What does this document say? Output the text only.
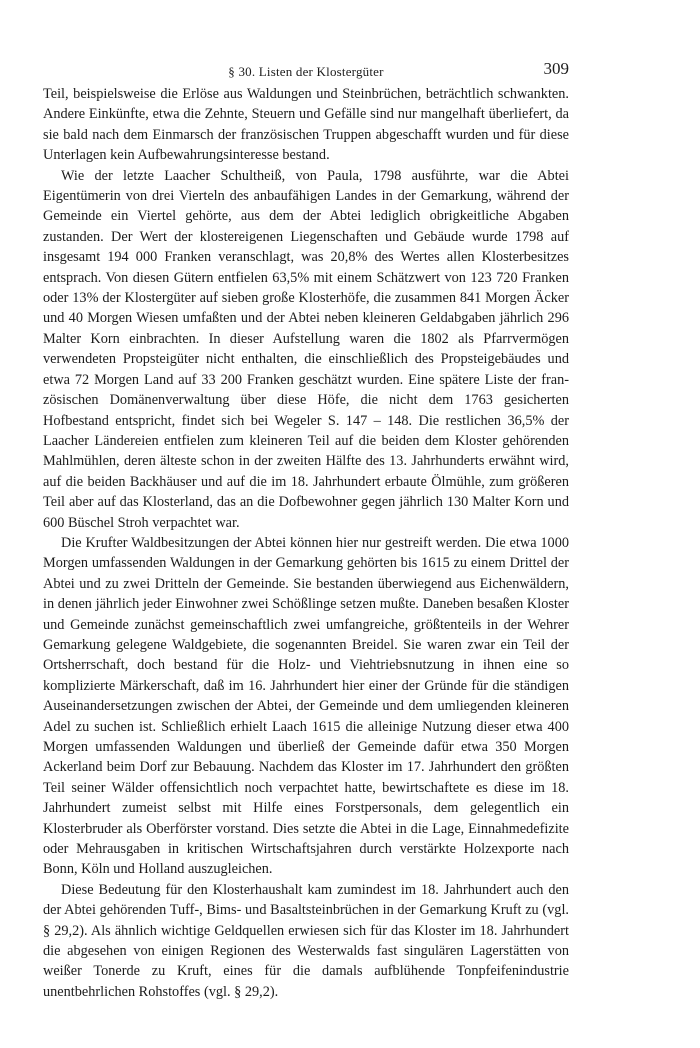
§ 30. Listen der Klostergüter	309

Teil, beispielsweise die Erlöse aus Waldungen und Steinbrüchen, beträchtlich schwankten. Andere Einkünfte, etwa die Zehnte, Steuern und Gefälle sind nur mangelhaft überliefert, da sie bald nach dem Einmarsch der französischen Truppen abgeschafft wurden und für diese Unterlagen kein Aufbewahrungsinteresse bestand.

Wie der letzte Laacher Schultheiß, von Paula, 1798 ausführte, war die Abtei Eigentümerin von drei Vierteln des anbaufähigen Landes in der Gemarkung, während der Gemeinde ein Viertel gehörte, aus dem der Abtei lediglich obrigkeitliche Abgaben zustanden. Der Wert der klostereigenen Liegenschaften und Gebäude wurde 1798 auf insgesamt 194 000 Franken veranschlagt, was 20,8% des Wertes allen Klosterbesitzes entsprach. Von diesen Gütern entfielen 63,5% mit einem Schätzwert von 123 720 Franken oder 13% der Klostergüter auf sieben große Klosterhöfe, die zusammen 841 Morgen Äcker und 40 Morgen Wiesen umfaßten und der Abtei neben kleineren Geldabgaben jährlich 296 Malter Korn einbrachten. In dieser Aufstellung waren die 1802 als Pfarrvermögen verwendeten Propsteigüter nicht enthalten, die einschließlich des Propsteigebäudes und etwa 72 Morgen Land auf 33 200 Franken geschätzt wurden. Eine spätere Liste der französischen Domänenverwaltung über diese Höfe, die nicht dem 1763 gesicherten Hofbestand entspricht, findet sich bei Wegeler S. 147 – 148. Die restlichen 36,5% der Laacher Ländereien entfielen zum kleineren Teil auf die beiden dem Kloster gehörenden Mahlmühlen, deren älteste schon in der zweiten Hälfte des 13. Jahrhunderts erwähnt wird, auf die beiden Backhäuser und auf die im 18. Jahrhundert erbaute Ölmühle, zum größeren Teil aber auf das Klosterland, das an die Dofbewohner gegen jährlich 130 Malter Korn und 600 Büschel Stroh verpachtet war.

Die Krufter Waldbesitzungen der Abtei können hier nur gestreift werden. Die etwa 1000 Morgen umfassenden Waldungen in der Gemarkung gehörten bis 1615 zu einem Drittel der Abtei und zu zwei Dritteln der Gemeinde. Sie bestanden überwiegend aus Eichenwäldern, in denen jährlich jeder Einwohner zwei Schößlinge setzen mußte. Daneben besaßen Kloster und Gemeinde zunächst gemeinschaftlich zwei umfangreiche, größtenteils in der Wehrer Gemarkung gelegene Waldgebiete, die sogenannten Breidel. Sie waren zwar ein Teil der Ortsherrschaft, doch bestand für die Holz- und Viehtriebsnutzung in ihnen eine so komplizierte Märkerschaft, daß im 16. Jahrhundert hier einer der Gründe für die ständigen Auseinandersetzungen zwischen der Abtei, der Gemeinde und dem umliegenden kleineren Adel zu suchen ist. Schließlich erhielt Laach 1615 die alleinige Nutzung dieser etwa 400 Morgen umfassenden Waldungen und überließ der Gemeinde dafür etwa 350 Morgen Ackerland beim Dorf zur Bebauung. Nachdem das Kloster im 17. Jahrhundert den größten Teil seiner Wälder offensichtlich noch verpachtet hatte, bewirtschaftete es diese im 18. Jahrhundert zumeist selbst mit Hilfe eines Forstpersonals, dem gelegentlich ein Klosterbruder als Oberförster vorstand. Dies setzte die Abtei in die Lage, Einnahmedefizite oder Mehrausgaben in kritischen Wirtschaftsjahren durch verstärkte Holzexporte nach Bonn, Köln und Holland auszugleichen.

Diese Bedeutung für den Klosterhaushalt kam zumindest im 18. Jahrhundert auch den der Abtei gehörenden Tuff-, Bims- und Basaltsteinbrüchen in der Gemarkung Kruft zu (vgl. § 29,2). Als ähnlich wichtige Geldquellen erwiesen sich für das Kloster im 18. Jahrhundert die abgesehen von einigen Regionen des Westerwalds fast singulären Lagerstätten von weißer Tonerde zu Kruft, eines für die damals aufblühende Tonpfeifenindustrie unentbehrlichen Rohstoffes (vgl. § 29,2).
